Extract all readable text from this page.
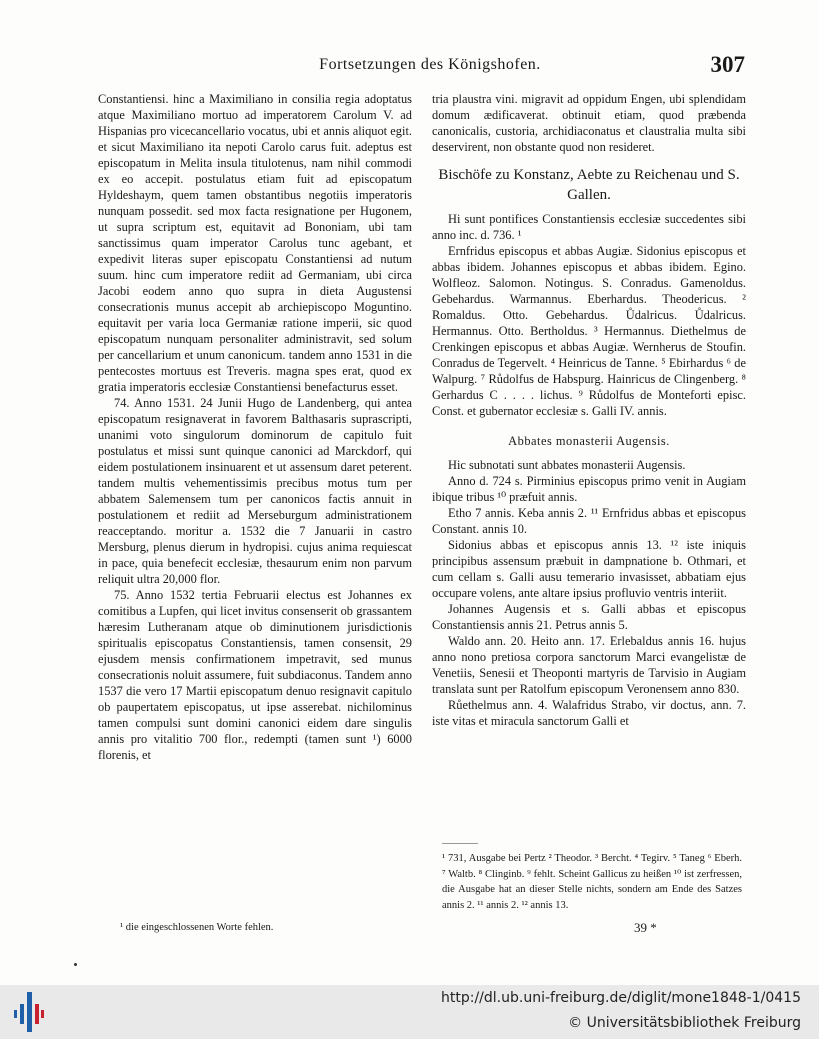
Fortsetzungen des Königshofen.	307

Constantiensi. hinc a Maximiliano in consilia regia adoptatus atque Maximiliano mortuo ad imperatorem Carolum V. ad Hispanias pro vicecancellario vocatus, ubi et annis aliquot egit. et sicut Maximiliano ita nepoti Carolo carus fuit. adeptus est episcopatum in Melita insula titulotenus, nam nihil commodi ex eo accepit. postulatus etiam fuit ad episcopatum Hyldeshaym, quem tamen obstantibus negotiis imperatoris nunquam possedit. sed mox facta resignatione per Hugonem, ut supra scriptum est, equitavit ad Bononiam, ubi tam sanctissimus quam imperator Carolus tunc agebant, et expedivit literas super episcopatu Constantiensi ad nutum suum. hinc cum imperatore rediit ad Germaniam, ubi circa Jacobi eodem anno quo supra in dieta Augustensi consecrationis munus accepit ab archiepiscopo Moguntino. equitavit per varia loca Germaniæ ratione imperii, sic quod episcopatum nunquam personaliter administravit, sed solum per cancellarium et unum canonicum. tandem anno 1531 in die pentecostes mortuus est Treveris. magna spes erat, quod ex gratia imperatoris ecclesiæ Constantiensi benefacturus esset.

74. Anno 1531. 24 Junii Hugo de Landenberg, qui antea episcopatum resignaverat in favorem Balthasaris suprascripti, unanimi voto singulorum dominorum de capitulo fuit postulatus et missi sunt quinque canonici ad Marckdorf, qui eidem postulationem insinuarent et ut assensum daret peterent. tandem multis vehementissimis precibus motus tum per abbatem Salemensem tum per canonicos factis annuit in postulationem et rediit ad Merseburgum administrationem reacceptando. moritur a. 1532 die 7 Januarii in castro Mersburg, plenus dierum in hydropisi. cujus anima requiescat in pace, quia benefecit ecclesiæ, thesaurum enim non parvum reliquit ultra 20,000 flor.

75. Anno 1532 tertia Februarii electus est Johannes ex comitibus a Lupfen, qui licet invitus consenserit ob grassantem hæresim Lutheranam atque ob diminutionem jurisdictionis spiritualis episcopatus Constantiensis, tamen consensit, 29 ejusdem mensis confirmationem impetravit, sed munus consecrationis noluit assumere, fuit subdiaconus. Tandem anno 1537 die vero 17 Martii episcopatum denuo resignavit capitulo ob paupertatem episcopatus, ut ipse asserebat. nichilominus tamen compulsi sunt domini canonici eidem dare singulis annis pro vitalitio 700 flor., redempti (tamen sunt ¹) 6000 florenis, et

¹ die eingeschlossenen Worte fehlen.

tria plaustra vini. migravit ad oppidum Engen, ubi splendidam domum ædificaverat. obtinuit etiam, quod præbenda canonicalis, custoria, archidiaconatus et claustralia multa sibi deservirent, non obstante quod non resideret.

Bischöfe zu Konstanz, Aebte zu Reichenau und S. Gallen.

Hi sunt pontifices Constantiensis ecclesiæ succedentes sibi anno inc. d. 736. ¹

Ernfridus episcopus et abbas Augiæ. Sidonius episcopus et abbas ibidem. Johannes episcopus et abbas ibidem. Egino. Wolfleoz. Salomon. Notingus. S. Conradus. Gamenoldus. Gebehardus. Warmannus. Eberhardus. Theodericus. ² Romaldus. Otto. Gebehardus. Ůdalricus. Ůdalricus. Hermannus. Otto. Bertholdus. ³ Hermannus. Diethelmus de Crenkingen episcopus et abbas Augiæ. Wernherus de Stoufin. Conradus de Tegervelt. ⁴ Heinricus de Tanne. ⁵ Ebirhardus ⁶ de Walpurg. ⁷ Růdolfus de Habspurg. Hainricus de Clingenberg. ⁸ Gerhardus C . . . . lichus. ⁹ Růdolfus de Monteforti episc. Const. et gubernator ecclesiæ s. Galli IV. annis.

Abbates monasterii Augensis.

Hic subnotati sunt abbates monasterii Augensis.

Anno d. 724 s. Pirminius episcopus primo venit in Augiam ibique tribus ¹⁰ præfuit annis.

Etho 7 annis. Keba annis 2. ¹¹ Ernfridus abbas et episcopus Constant. annis 10.

Sidonius abbas et episcopus annis 13. ¹² iste iniquis principibus assensum præbuit in dampnatione b. Othmari, et cum cellam s. Galli ausu temerario invasisset, abbatiam ejus occupare volens, ante altare ipsius profluvio ventris interiit.

Johannes Augensis et s. Galli abbas et episcopus Constantiensis annis 21. Petrus annis 5.

Waldo ann. 20. Heito ann. 17. Erlebaldus annis 16. hujus anno nono pretiosa corpora sanctorum Marci evangelistæ de Venetiis, Senesii et Theoponti martyris de Tarvisio in Augiam translata sunt per Ratolfum episcopum Veronensem anno 830.

Růethelmus ann. 4. Walafridus Strabo, vir doctus, ann. 7. iste vitas et miracula sanctorum Galli et

¹ 731, Ausgabe bei Pertz ² Theodor. ³ Bercht. ⁴ Tegirv. ⁵ Taneg ⁶ Eberh. ⁷ Waltb. ⁸ Clinginb. ⁹ fehlt. Scheint Gallicus zu heißen ¹⁰ ist zerfressen, die Ausgabe hat an dieser Stelle nichts, sondern am Ende des Satzes annis 2. ¹¹ annis 2. ¹² annis 13.
39 *
http://dl.ub.uni-freiburg.de/diglit/mone1848-1/0415
© Universitätsbibliothek Freiburg
